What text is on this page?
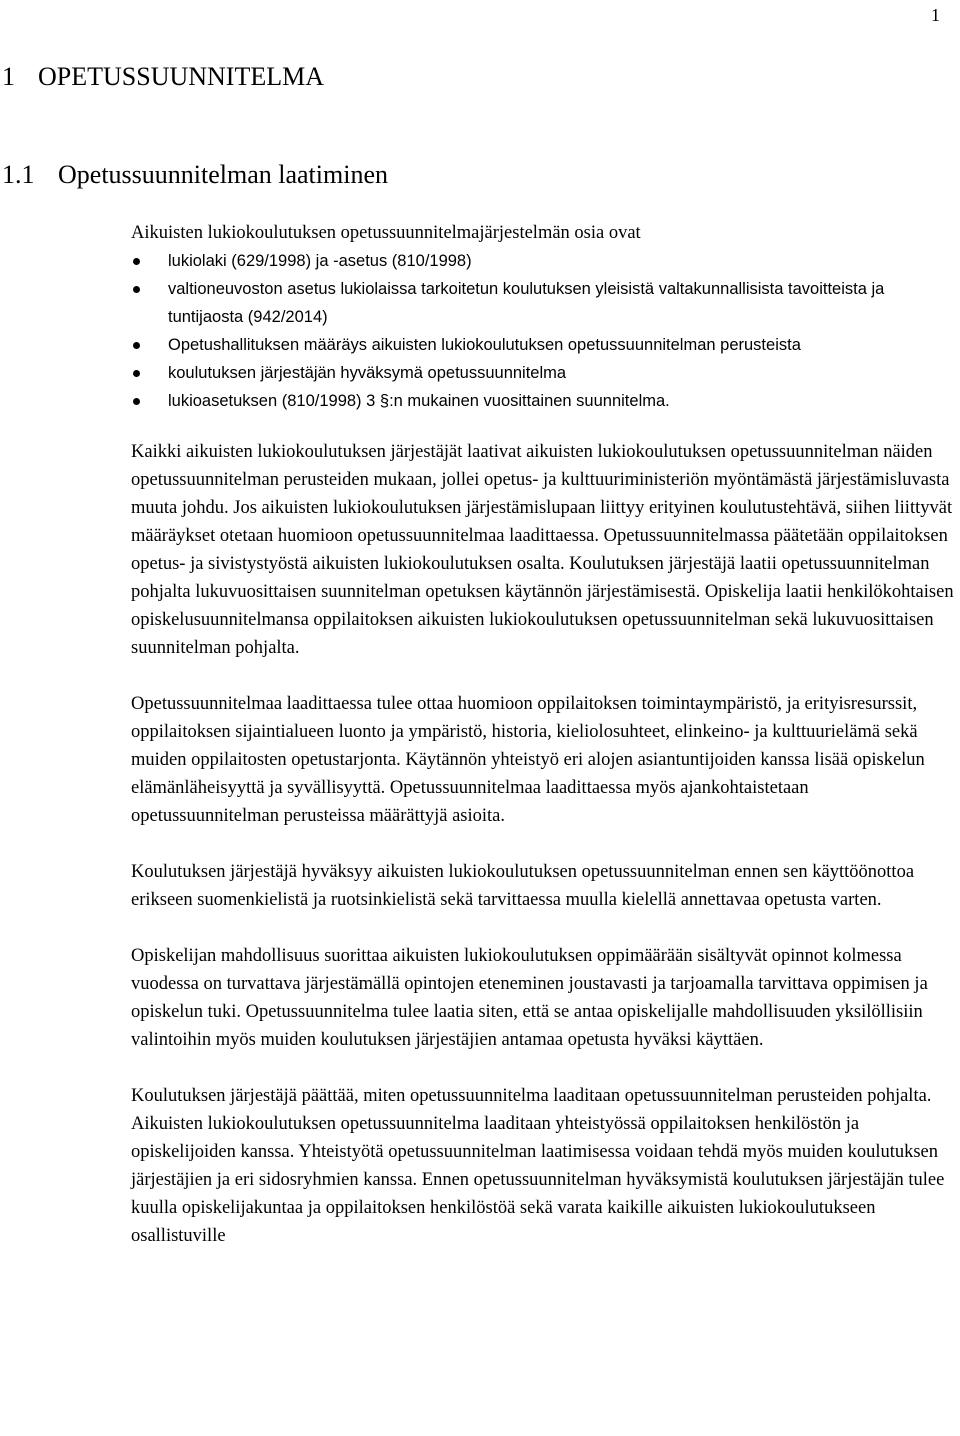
1
1 OPETUSSUUNNITELMA
1.1 Opetussuunnitelman laatiminen

Aikuisten lukiokoulutuksen opetussuunnitelmajärjestelmän osia ovat

lukiolaki (629/1998) ja -asetus (810/1998)
valtioneuvoston asetus lukiolaissa tarkoitetun koulutuksen yleisistä valtakunnallisista tavoitteista ja tuntijaosta (942/2014)
Opetushallituksen määräys aikuisten lukiokoulutuksen opetussuunnitelman perusteista
koulutuksen järjestäjän hyväksymä opetussuunnitelma
lukioasetuksen (810/1998) 3 §:n mukainen vuosittainen suunnitelma.

Kaikki aikuisten lukiokoulutuksen järjestäjät laativat aikuisten lukiokoulutuksen opetussuunnitelman näiden opetussuunnitelman perusteiden mukaan, jollei opetus- ja kulttuuriministeriön myöntämästä järjestämisluvasta muuta johdu. Jos aikuisten lukiokoulutuksen järjestämislupaan liittyy erityinen koulutustehtävä, siihen liittyvät määräykset otetaan huomioon opetussuunnitelmaa laadittaessa. Opetussuunnitelmassa päätetään oppilaitoksen opetus- ja sivistystyöstä aikuisten lukiokoulutuksen osalta. Koulutuksen järjestäjä laatii opetussuunnitelman pohjalta lukuvuosittaisen suunnitelman opetuksen käytännön järjestämisestä. Opiskelija laatii henkilökohtaisen opiskelusuunnitelmansa oppilaitoksen aikuisten lukiokoulutuksen opetussuunnitelman sekä lukuvuosittaisen suunnitelman pohjalta.

Opetussuunnitelmaa laadittaessa tulee ottaa huomioon oppilaitoksen toimintaympäristö, ja erityisresurssit, oppilaitoksen sijaintialueen luonto ja ympäristö, historia, kieliolosuhteet, elinkeino- ja kulttuurielämä sekä muiden oppilaitosten opetustarjonta. Käytännön yhteistyö eri alojen asiantuntijoiden kanssa lisää opiskelun elämänläheisyyttä ja syvällisyyttä. Opetussuunnitelmaa laadittaessa myös ajankohtaistetaan opetussuunnitelman perusteissa määrättyjä asioita.

Koulutuksen järjestäjä hyväksyy aikuisten lukiokoulutuksen opetussuunnitelman ennen sen käyttöönottoa erikseen suomenkielistä ja ruotsinkielistä sekä tarvittaessa muulla kielellä annettavaa opetusta varten.

Opiskelijan mahdollisuus suorittaa aikuisten lukiokoulutuksen oppimäärään sisältyvät opinnot kolmessa vuodessa on turvattava järjestämällä opintojen eteneminen joustavasti ja tarjoamalla tarvittava oppimisen ja opiskelun tuki. Opetussuunnitelma tulee laatia siten, että se antaa opiskelijalle mahdollisuuden yksilöllisiin valintoihin myös muiden koulutuksen järjestäjien antamaa opetusta hyväksi käyttäen.

Koulutuksen järjestäjä päättää, miten opetussuunnitelma laaditaan opetussuunnitelman perusteiden pohjalta. Aikuisten lukiokoulutuksen opetussuunnitelma laaditaan yhteistyössä oppilaitoksen henkilöstön ja opiskelijoiden kanssa. Yhteistyötä opetussuunnitelman laatimisessa voidaan tehdä myös muiden koulutuksen järjestäjien ja eri sidosryhmien kanssa. Ennen opetussuunnitelman hyväksymistä koulutuksen järjestäjän tulee kuulla opiskelijakuntaa ja oppilaitoksen henkilöstöä sekä varata kaikille aikuisten lukiokoulutukseen osallistuville
